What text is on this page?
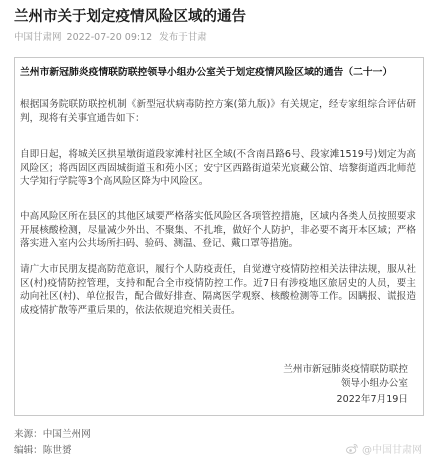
兰州市关于划定疫情风险区域的通告
中国甘肃网 2022-07-20 09:12 发布于甘肃
兰州市新冠肺炎疫情联防联控领导小组办公室关于划定疫情风险区域的通告（二十一）

根据国务院联防联控机制《新型冠状病毒防控方案(第九版)》有关规定，经专家组综合评估研判，现将有关事宜通告如下：

自即日起，将城关区拱星墩街道段家滩村社区全域(不含南昌路6号、段家滩1519号)划定为高风险区；将西固区西固城街道玉和苑小区；安宁区西路街道荣光宸藏公馆、培黎街道西北师范大学知行学院等3个高风险区降为中风险区。

中高风险区所在县区的其他区域要严格落实低风险区各项管控措施，区域内各类人员按照要求开展核酸检测，尽量减少外出、不聚集、不扎堆，做好个人防护，非必要不离开本区域；严格落实进入室内公共场所扫码、验码、测温、登记、戴口罩等措施。

请广大市民朋友提高防范意识，履行个人防疫责任，自觉遵守疫情防控相关法律法规，服从社区(村)疫情防控管理，支持和配合全市疫情防控工作。近7日有涉疫地区旅居史的人员，要主动向社区(村)、单位报告，配合做好排查、隔离医学观察、核酸检测等工作。因瞒报、谎报造成疫情扩散等严重后果的，依法依规追究相关责任。

兰州市新冠肺炎疫情联防联控
领导小组办公室
2022年7月19日
来源：中国兰州网
编辑：陈世赟	@中国甘肃网
